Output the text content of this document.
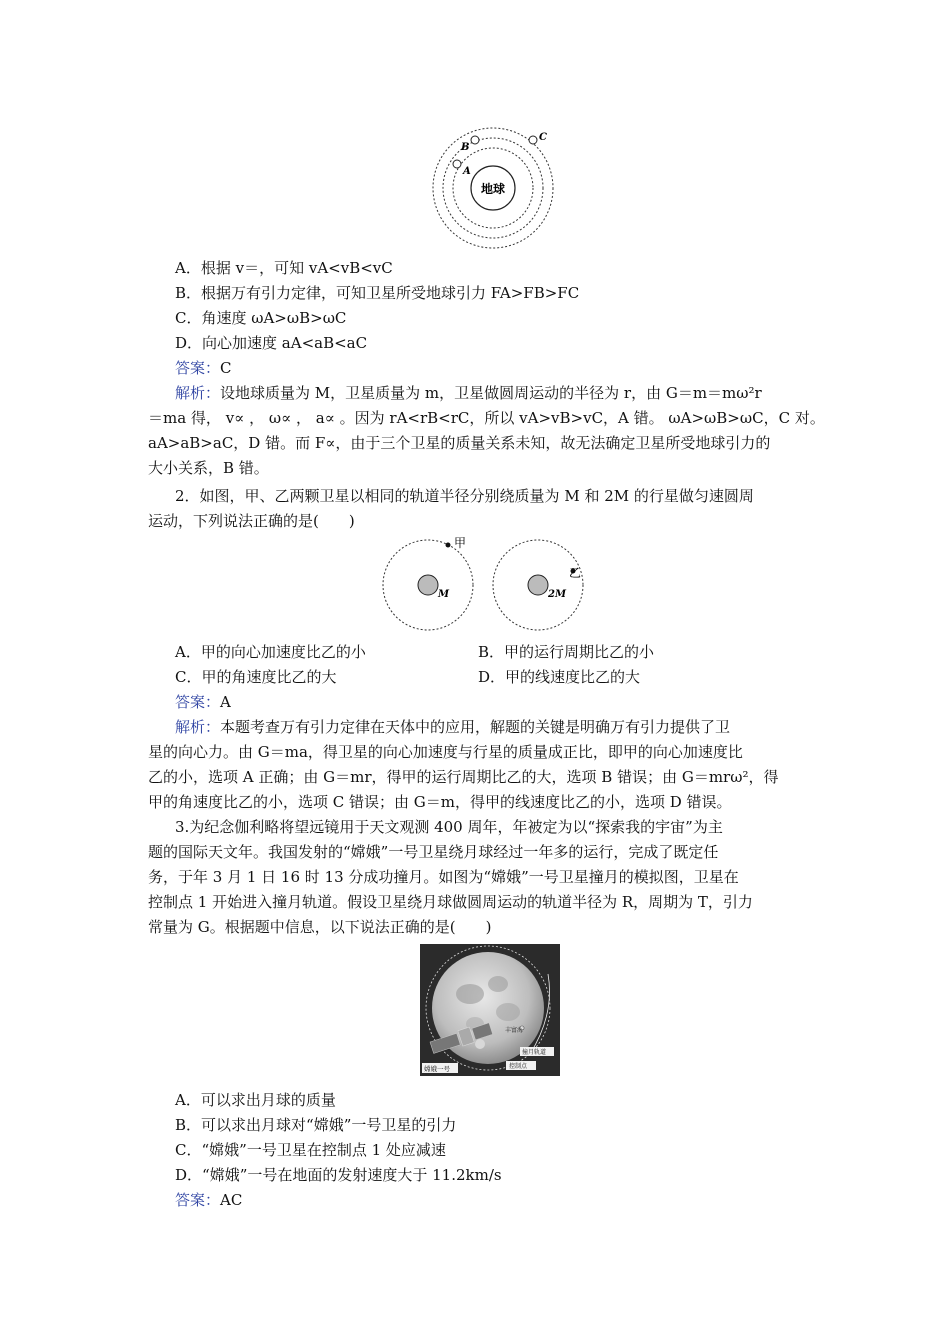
地球
A
B
C
A．根据 v＝，可知 vA<vB<vC
B．根据万有引力定律，可知卫星所受地球引力 FA>FB>FC
C．角速度 ωA>ωB>ωC
D．向心加速度 aA<aB<aC
答案：C
解析：设地球质量为 M，卫星质量为 m，卫星做圆周运动的半径为 r，由 G＝m＝mω²r
＝ma 得， v∝ ， ω∝ ， a∝ 。因为 rA<rB<rC，所以 vA>vB>vC，A 错。 ωA>ωB>ωC，C 对。
aA>aB>aC，D 错。而 F∝，由于三个卫星的质量关系未知，故无法确定卫星所受地球引力的
大小关系，B 错。
2．如图，甲、乙两颗卫星以相同的轨道半径分别绕质量为 M 和 2M 的行星做匀速圆周
运动，下列说法正确的是(　　)
甲
M
乙
2M
A．甲的向心加速度比乙的小	B．甲的运行周期比乙的小
C．甲的角速度比乙的大	D．甲的线速度比乙的大
答案：A
解析：本题考查万有引力定律在天体中的应用，解题的关键是明确万有引力提供了卫
星的向心力。由 G＝ma，得卫星的向心加速度与行星的质量成正比，即甲的向心加速度比
乙的小，选项 A 正确；由 G＝mr，得甲的运行周期比乙的大，选项 B 错误；由 G＝mrω²，得
甲的角速度比乙的小，选项 C 错误；由 G＝m，得甲的线速度比乙的小，选项 D 错误。
3.为纪念伽利略将望远镜用于天文观测 400 周年，年被定为以“探索我的宇宙”为主
题的国际天文年。我国发射的“嫦娥”一号卫星绕月球经过一年多的运行，完成了既定任
务，于年 3 月 1 日 16 时 13 分成功撞月。如图为“嫦娥”一号卫星撞月的模拟图，卫星在
控制点 1 开始进入撞月轨道。假设卫星绕月球做圆周运动的轨道半径为 R，周期为 T，引力
常量为 G。根据题中信息，以下说法正确的是(　　)
丰富海
撞月轨道
控制点
嫦娥一号
A．可以求出月球的质量
B．可以求出月球对“嫦娥”一号卫星的引力
C．“嫦娥”一号卫星在控制点 1 处应减速
D．“嫦娥”一号在地面的发射速度大于 11.2km/s
答案：AC
